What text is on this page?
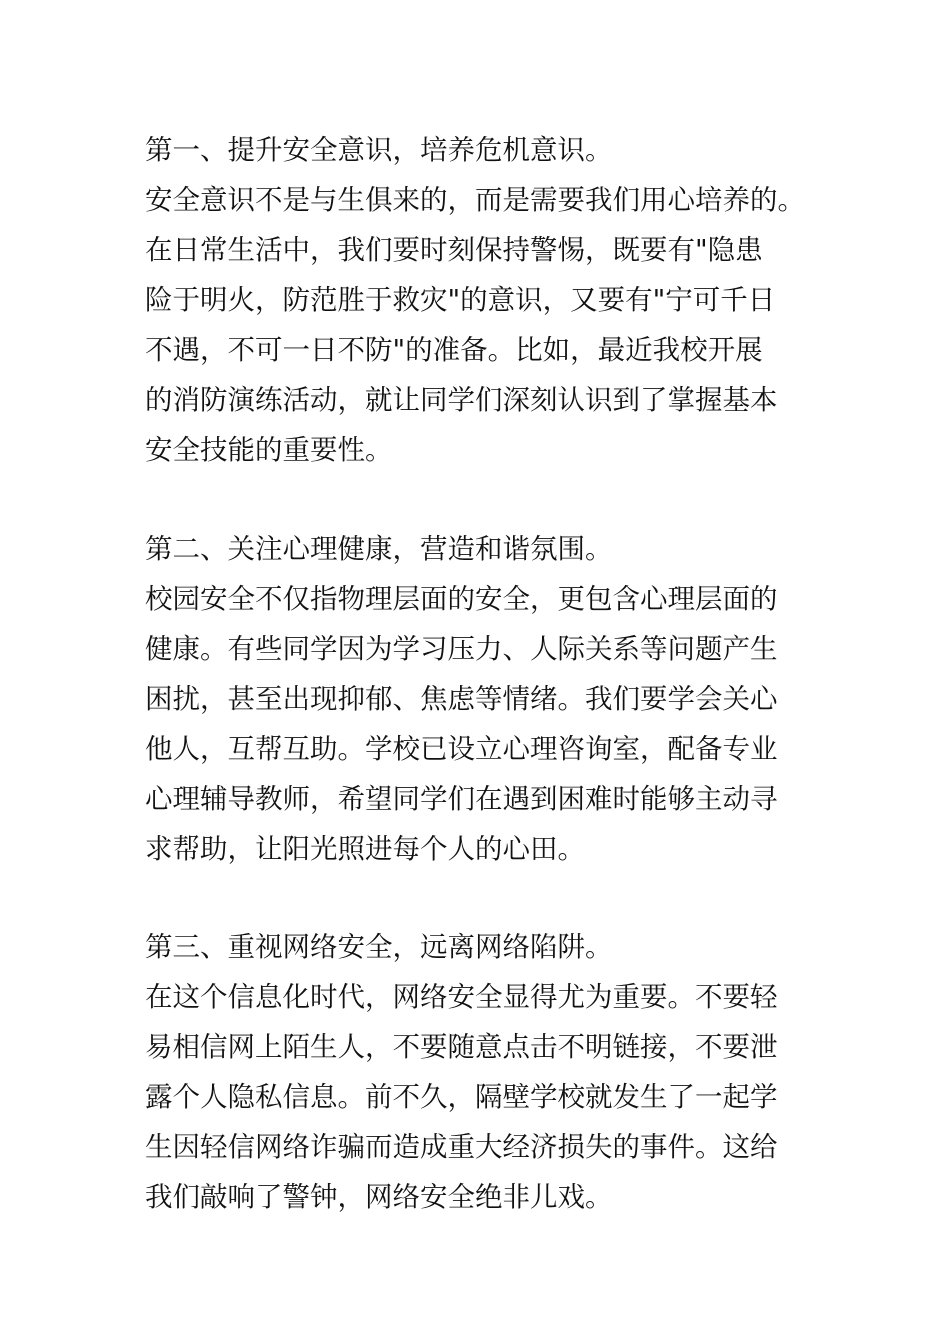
第一、提升安全意识，培养危机意识。
安全意识不是与生俱来的，而是需要我们用心培养的。
在日常生活中，我们要时刻保持警惕，既要有"隐患
险于明火，防范胜于救灾"的意识，又要有"宁可千日
不遇，不可一日不防"的准备。比如，最近我校开展
的消防演练活动，就让同学们深刻认识到了掌握基本
安全技能的重要性。
第二、关注心理健康，营造和谐氛围。
校园安全不仅指物理层面的安全，更包含心理层面的
健康。有些同学因为学习压力、人际关系等问题产生
困扰，甚至出现抑郁、焦虑等情绪。我们要学会关心
他人，互帮互助。学校已设立心理咨询室，配备专业
心理辅导教师，希望同学们在遇到困难时能够主动寻
求帮助，让阳光照进每个人的心田。
第三、重视网络安全，远离网络陷阱。
在这个信息化时代，网络安全显得尤为重要。不要轻
易相信网上陌生人，不要随意点击不明链接，不要泄
露个人隐私信息。前不久，隔壁学校就发生了一起学
生因轻信网络诈骗而造成重大经济损失的事件。这给
我们敲响了警钟，网络安全绝非儿戏。
